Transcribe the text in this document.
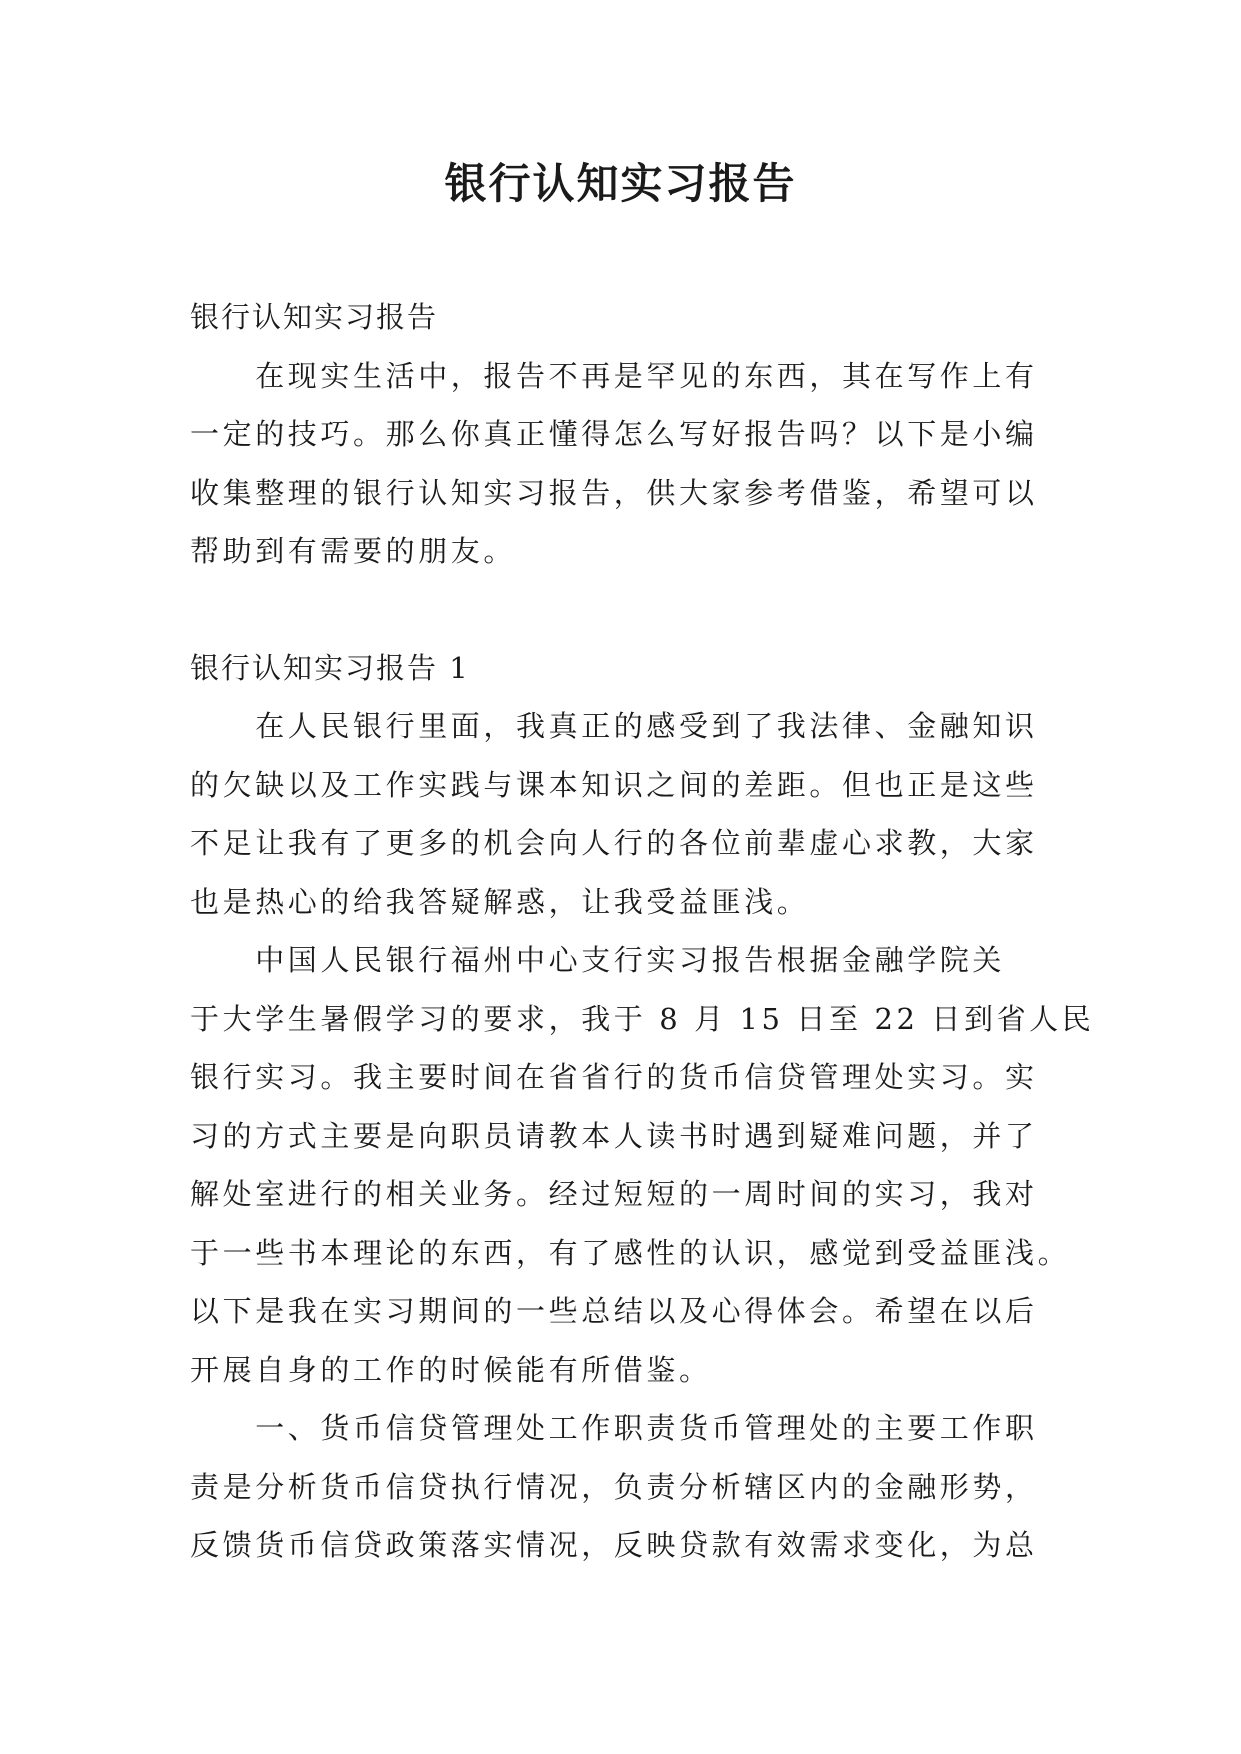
银行认知实习报告
银行认知实习报告
　　在现实生活中，报告不再是罕见的东西，其在写作上有
一定的技巧。那么你真正懂得怎么写好报告吗？以下是小编
收集整理的银行认知实习报告，供大家参考借鉴，希望可以
帮助到有需要的朋友。
银行认知实习报告 1
　　在人民银行里面，我真正的感受到了我法律、金融知识
的欠缺以及工作实践与课本知识之间的差距。但也正是这些
不足让我有了更多的机会向人行的各位前辈虚心求教，大家
也是热心的给我答疑解惑，让我受益匪浅。
　　中国人民银行福州中心支行实习报告根据金融学院关
于大学生暑假学习的要求，我于 8 月 15 日至 22 日到省人民
银行实习。我主要时间在省省行的货币信贷管理处实习。实
习的方式主要是向职员请教本人读书时遇到疑难问题，并了
解处室进行的相关业务。经过短短的一周时间的实习，我对
于一些书本理论的东西，有了感性的认识，感觉到受益匪浅。
以下是我在实习期间的一些总结以及心得体会。希望在以后
开展自身的工作的时候能有所借鉴。
　　一、货币信贷管理处工作职责货币管理处的主要工作职
责是分析货币信贷执行情况，负责分析辖区内的金融形势，
反馈货币信贷政策落实情况，反映贷款有效需求变化，为总
